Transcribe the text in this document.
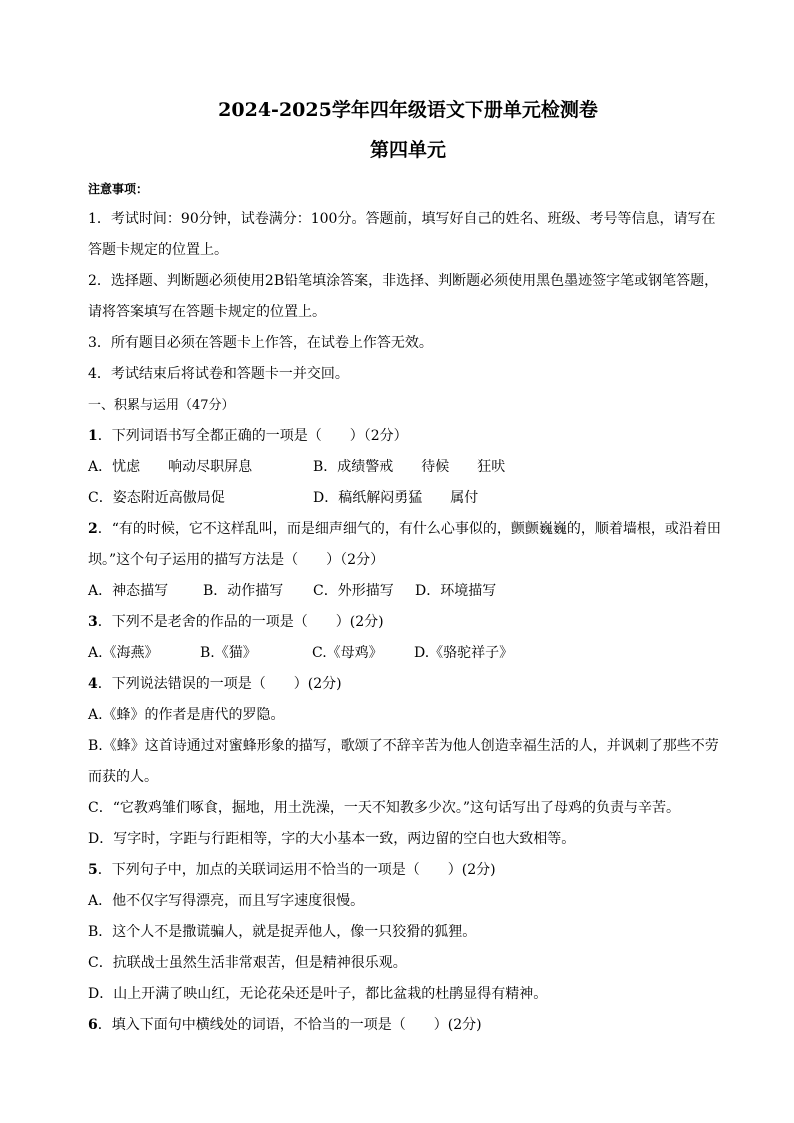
2024-2025学年四年级语文下册单元检测卷
第四单元

注意事项：

1．考试时间：90分钟，试卷满分：100分。答题前，填写好自己的姓名、班级、考号等信息，请写在答题卡规定的位置上。

2．选择题、判断题必须使用2B铅笔填涂答案，非选择、判断题必须使用黑色墨迹签字笔或钢笔答题，请将答案填写在答题卡规定的位置上。

3．所有题目必须在答题卡上作答，在试卷上作答无效。

4．考试结束后将试卷和答题卡一并交回。

一、积累与运用（47分）

1．下列词语书写全都正确的一项是（　　）（2分）

A．忧虑　　响动尽职屏息	B．成绩警戒　　待候　　狂吠
C．姿态附近高傲局促	D．稿纸解闷勇猛　　属付

2．“有的时候，它不这样乱叫，而是细声细气的，有什么心事似的，颤颤巍巍的，顺着墙根，或沿着田坝。”这个句子运用的描写方法是（　　）（2分）

A．神态描写	B．动作描写	C．外形描写	D．环境描写

3．下列不是老舍的作品的一项是（　　）(2分)

A.《海燕》	B.《猫》	C.《母鸡》	D.《骆驼祥子》

4．下列说法错误的一项是（　　）(2分)

A.《蜂》的作者是唐代的罗隐。

B.《蜂》这首诗通过对蜜蜂形象的描写，歌颂了不辞辛苦为他人创造幸福生活的人，并讽刺了那些不劳而获的人。

C．“它教鸡雏们啄食，掘地，用土洗澡，一天不知教多少次。”这句话写出了母鸡的负责与辛苦。

D．写字时，字距与行距相等，字的大小基本一致，两边留的空白也大致相等。

5．下列句子中，加点的关联词运用不恰当的一项是（　　）(2分)

A．他不仅字写得漂亮，而且写字速度很慢。

B．这个人不是撒谎骗人，就是捉弄他人，像一只狡猾的狐狸。

C．抗联战士虽然生活非常艰苦，但是精神很乐观。

D．山上开满了映山红，无论花朵还是叶子，都比盆栽的杜鹃显得有精神。

6．填入下面句中横线处的词语，不恰当的一项是（　　）(2分)
